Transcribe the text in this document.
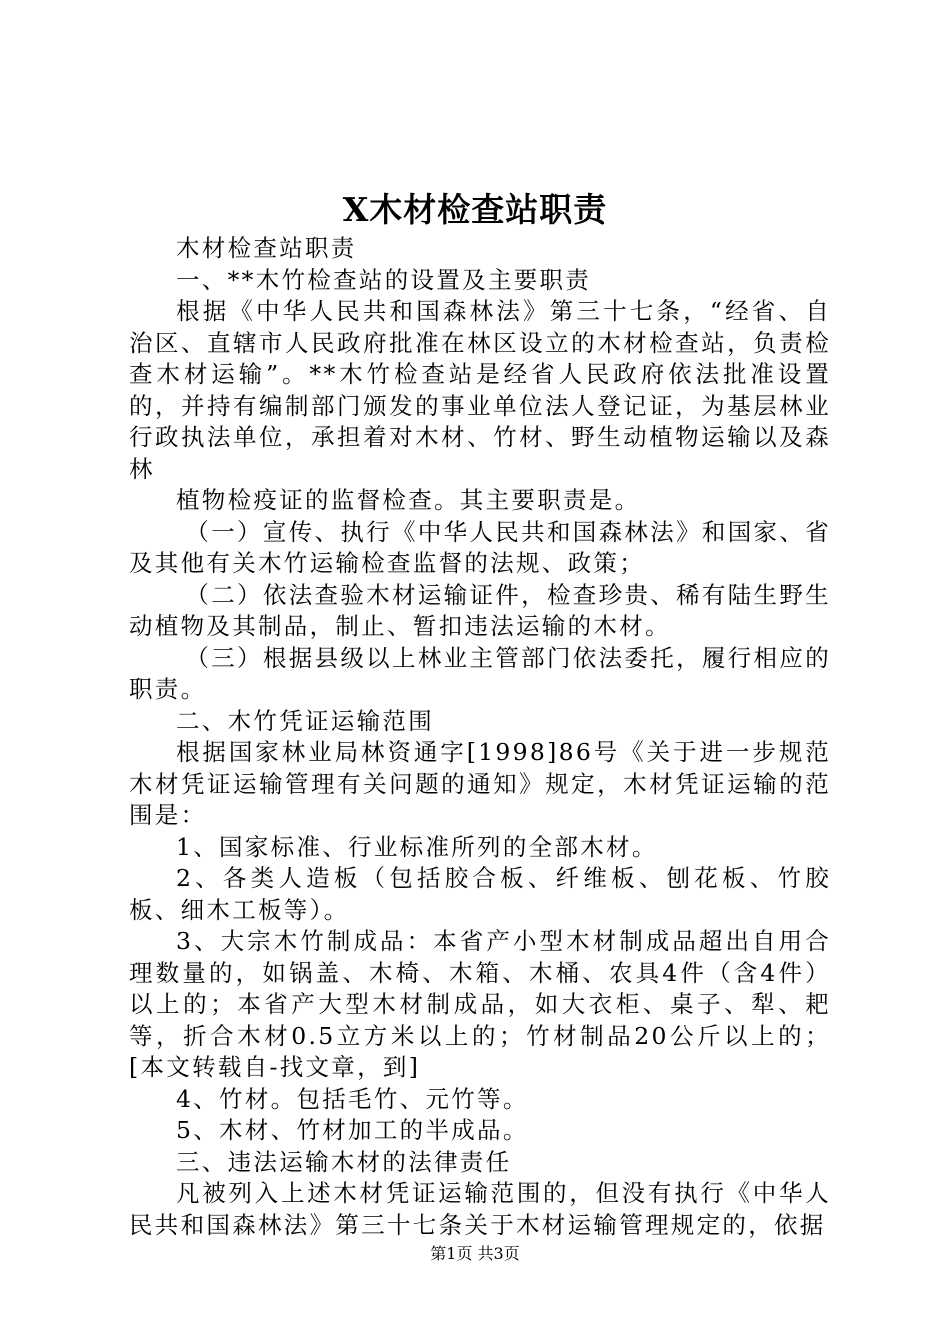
X木材检查站职责

木材检查站职责

一、**木竹检查站的设置及主要职责

根据《中华人民共和国森林法》第三十七条，“经省、自治区、直辖市人民政府批准在林区设立的木材检查站，负责检查木材运输”。**木竹检查站是经省人民政府依法批准设置的，并持有编制部门颁发的事业单位法人登记证，为基层林业行政执法单位，承担着对木材、竹材、野生动植物运输以及森林

植物检疫证的监督检查。其主要职责是。

（一）宣传、执行《中华人民共和国森林法》和国家、省及其他有关木竹运输检查监督的法规、政策；

（二）依法查验木材运输证件，检查珍贵、稀有陆生野生动植物及其制品，制止、暂扣违法运输的木材。

（三）根据县级以上林业主管部门依法委托，履行相应的职责。

二、木竹凭证运输范围

根据国家林业局林资通字[1998]86号《关于进一步规范木材凭证运输管理有关问题的通知》规定，木材凭证运输的范围是：

1、国家标准、行业标准所列的全部木材。

2、各类人造板（包括胶合板、纤维板、刨花板、竹胶板、细木工板等）。

3、大宗木竹制成品：本省产小型木材制成品超出自用合理数量的，如锅盖、木椅、木箱、木桶、农具4件（含4件）以上的；本省产大型木材制成品，如大衣柜、桌子、犁、耙等，折合木材0.5立方米以上的；竹材制品20公斤以上的；[本文转载自-找文章，到]

4、竹材。包括毛竹、元竹等。

5、木材、竹材加工的半成品。

三、违法运输木材的法律责任

凡被列入上述木材凭证运输范围的，但没有执行《中华人民共和国森林法》第三十七条关于木材运输管理规定的，依据

第1页 共3页
